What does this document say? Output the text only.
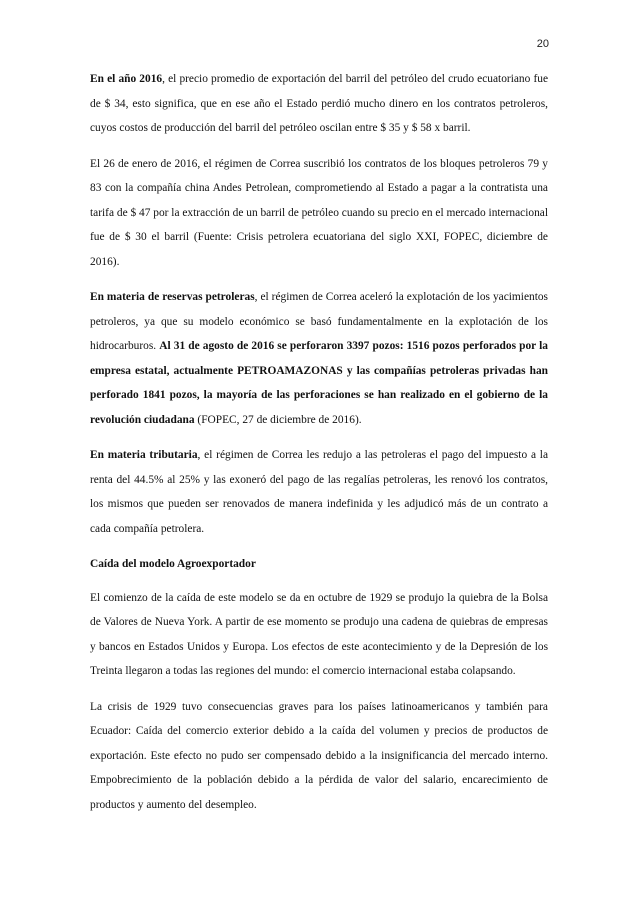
20

En el año 2016, el precio promedio de exportación del barril del petróleo del crudo ecuatoriano fue de $ 34, esto significa, que en ese año el Estado perdió mucho dinero en los contratos petroleros, cuyos costos de producción del barril del petróleo oscilan entre $ 35 y $ 58 x barril.

El 26 de enero de 2016, el régimen de Correa suscribió los contratos de los bloques petroleros 79 y 83 con la compañía china Andes Petrolean, comprometiendo al Estado a pagar a la contratista una tarifa de $ 47 por la extracción de un barril de petróleo cuando su precio en el mercado internacional fue de $ 30 el barril (Fuente: Crisis petrolera ecuatoriana del siglo XXI, FOPEC, diciembre de 2016).

En materia de reservas petroleras, el régimen de Correa aceleró la explotación de los yacimientos petroleros, ya que su modelo económico se basó fundamentalmente en la explotación de los hidrocarburos. Al 31 de agosto de 2016 se perforaron 3397 pozos: 1516 pozos perforados por la empresa estatal, actualmente PETROAMAZONAS y las compañías petroleras privadas han perforado 1841 pozos, la mayoría de las perforaciones se han realizado en el gobierno de la revolución ciudadana (FOPEC, 27 de diciembre de 2016).

En materia tributaria, el régimen de Correa les redujo a las petroleras el pago del impuesto a la renta del 44.5% al 25% y las exoneró del pago de las regalías petroleras, les renovó los contratos, los mismos que pueden ser renovados de manera indefinida y les adjudicó más de un contrato a cada compañía petrolera.

Caída del modelo Agroexportador

El comienzo de la caída de este modelo se da en octubre de 1929 se produjo la quiebra de la Bolsa de Valores de Nueva York. A partir de ese momento se produjo una cadena de quiebras de empresas y bancos en Estados Unidos y Europa. Los efectos de este acontecimiento y de la Depresión de los Treinta llegaron a todas las regiones del mundo: el comercio internacional estaba colapsando.

La crisis de 1929 tuvo consecuencias graves para los países latinoamericanos y también para Ecuador: Caída del comercio exterior debido a la caída del volumen y precios de productos de exportación. Este efecto no pudo ser compensado debido a la insignificancia del mercado interno. Empobrecimiento de la población debido a la pérdida de valor del salario, encarecimiento de productos y aumento del desempleo.
